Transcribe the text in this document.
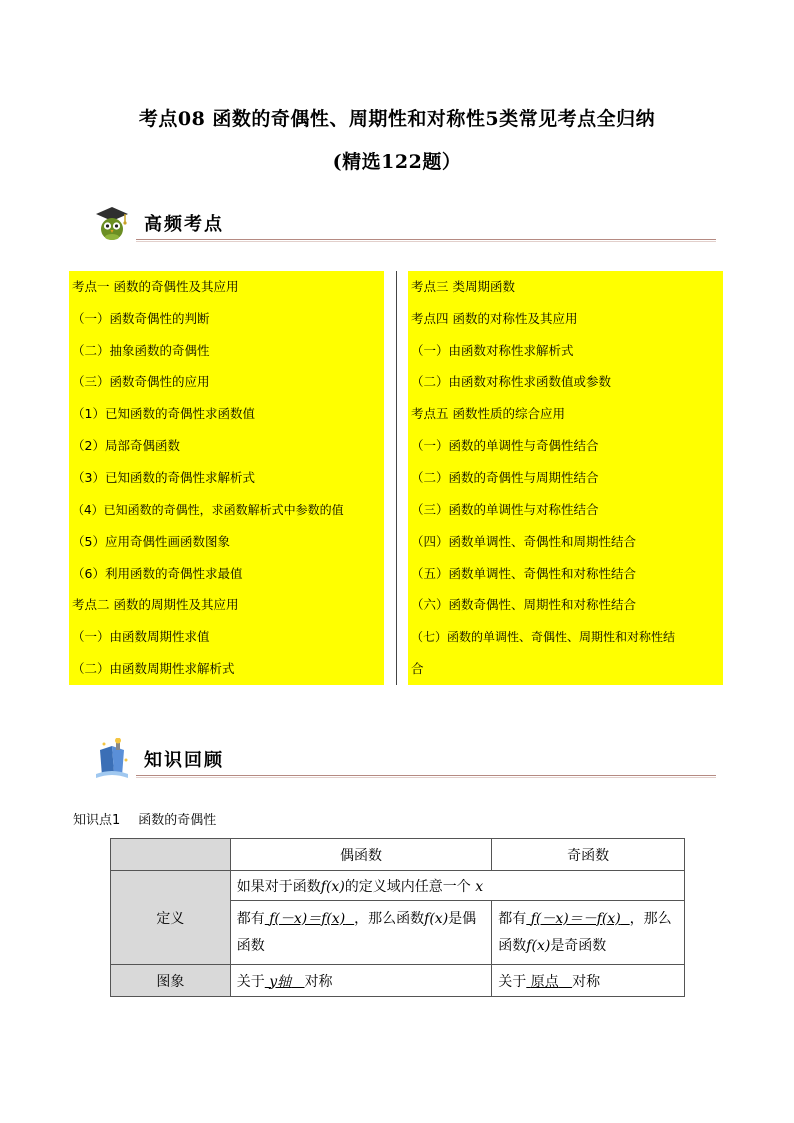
考点08 函数的奇偶性、周期性和对称性5类常见考点全归纳
(精选122题）
高频考点
考点一 函数的奇偶性及其应用
（一）函数奇偶性的判断
（二）抽象函数的奇偶性
（三）函数奇偶性的应用
（1）已知函数的奇偶性求函数值
（2）局部奇偶函数
（3）已知函数的奇偶性求解析式
（4）已知函数的奇偶性，求函数解析式中参数的值
（5）应用奇偶性画函数图象
（6）利用函数的奇偶性求最值
考点二 函数的周期性及其应用
（一）由函数周期性求值
（二）由函数周期性求解析式
考点三 类周期函数
考点四 函数的对称性及其应用
（一）由函数对称性求解析式
（二）由函数对称性求函数值或参数
考点五 函数性质的综合应用
（一）函数的单调性与奇偶性结合
（二）函数的奇偶性与周期性结合
（三）函数的单调性与对称性结合
（四）函数单调性、奇偶性和周期性结合
（五）函数单调性、奇偶性和对称性结合
（六）函数奇偶性、周期性和对称性结合
（七）函数的单调性、奇偶性、周期性和对称性结
合
知识回顾
知识点1 函数的奇偶性
	偶函数	奇函数
定义	如果对于函数f(x)的定义域内任意一个 x	
	都有 f(－x)＝f(x) ，那么函数f(x)是偶函数	都有 f(－x)＝－f(x) ，那么函数f(x)是奇函数
图象	关于 y轴 对称	关于 原点 对称
